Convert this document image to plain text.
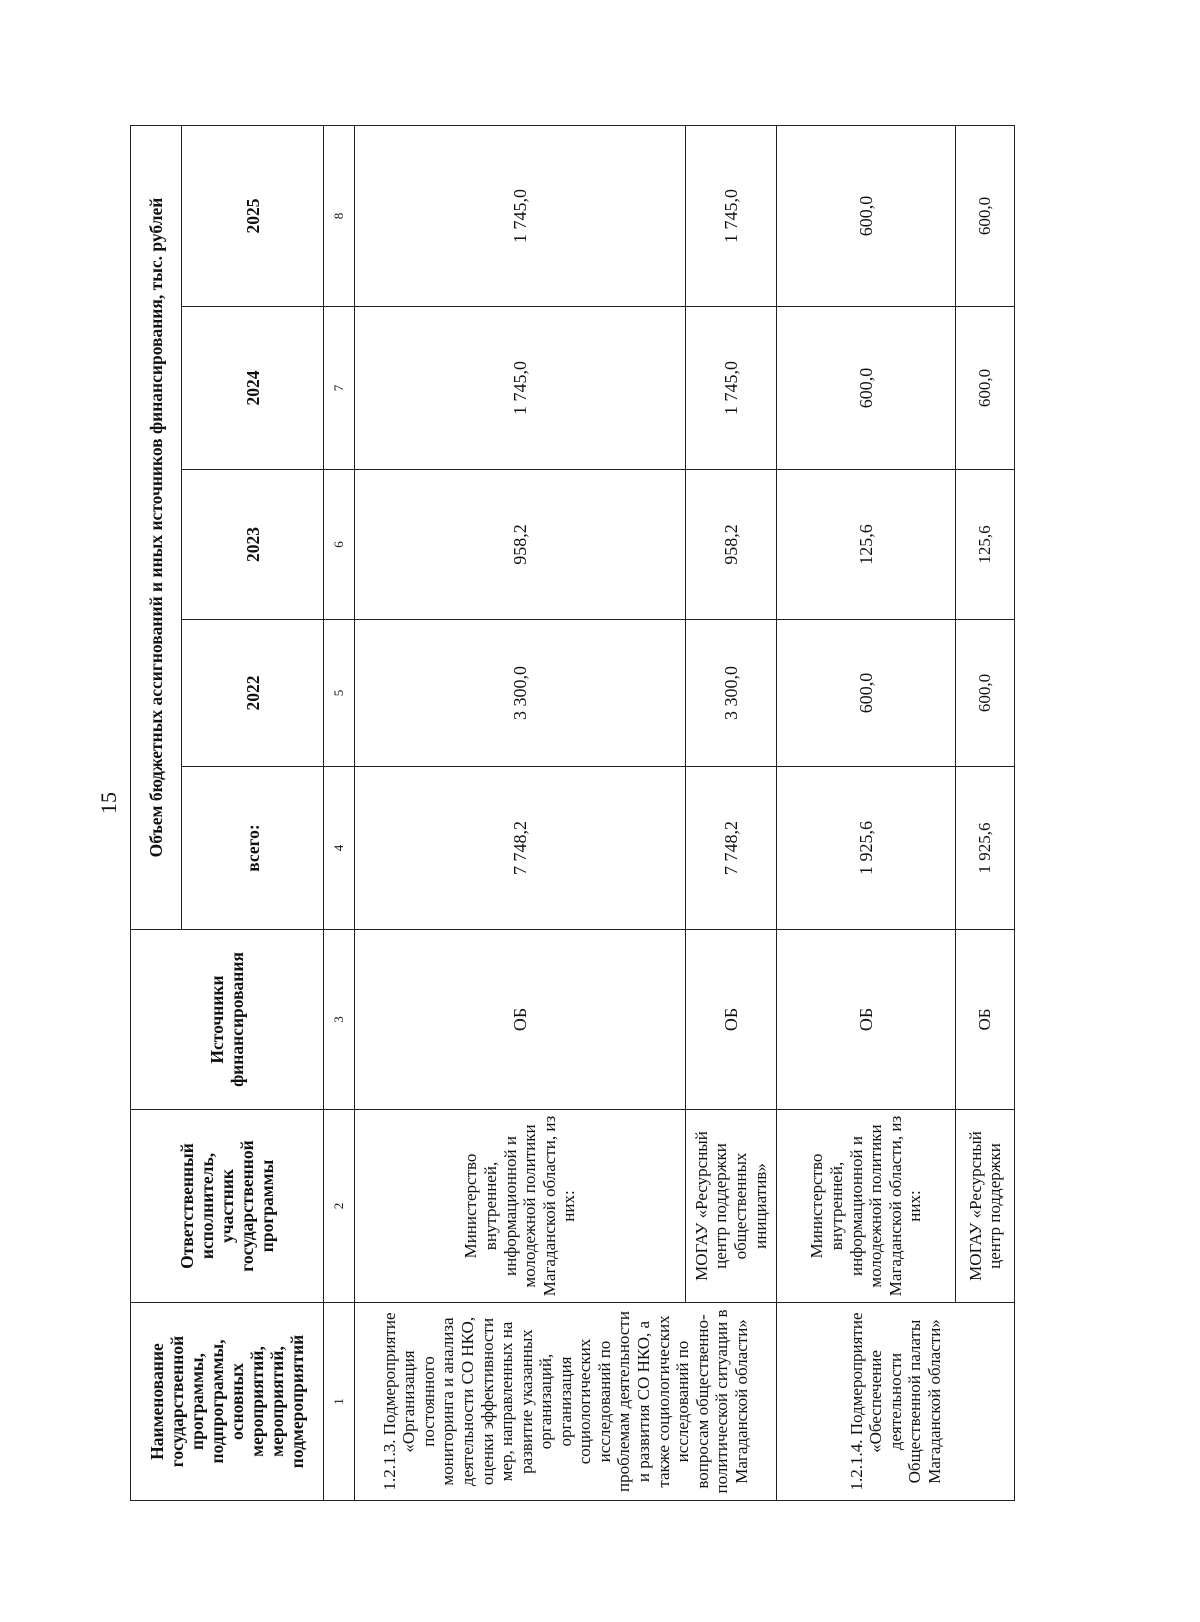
15
Наименование государственной программы, подпрограммы, основных мероприятий, мероприятий, подмероприятий	Ответственный исполнитель, участник государственной программы	Источники финансирования	Объем бюджетных ассигнований и иных источников финансирования, тыс. рублей				
			всего:	2022	2023	2024	2025
1	2	3	4	5	6	7	8
1.2.1.3. Подмероприятие «Организация постоянного мониторинга и анализа деятельности СО НКО, оценки эффективности мер, направленных на развитие указанных организаций, организация социологических исследований по проблемам деятельности и развития СО НКО, а также социологических исследований по вопросам общественно-политической ситуации в Магаданской области»	Министерство внутренней, информационной и молодежной политики Магаданской области, из них:	ОБ	7 748,2	3 300,0	958,2	1 745,0	1 745,0
	МОГАУ «Ресурсный центр поддержки общественных инициатив»	ОБ	7 748,2	3 300,0	958,2	1 745,0	1 745,0
1.2.1.4. Подмероприятие «Обеспечение деятельности Общественной палаты Магаданской области»	Министерство внутренней, информационной и молодежной политики Магаданской области, из них:	ОБ	1 925,6	600,0	125,6	600,0	600,0
	МОГАУ «Ресурсный центр поддержки	ОБ	1 925,6	600,0	125,6	600,0	600,0
